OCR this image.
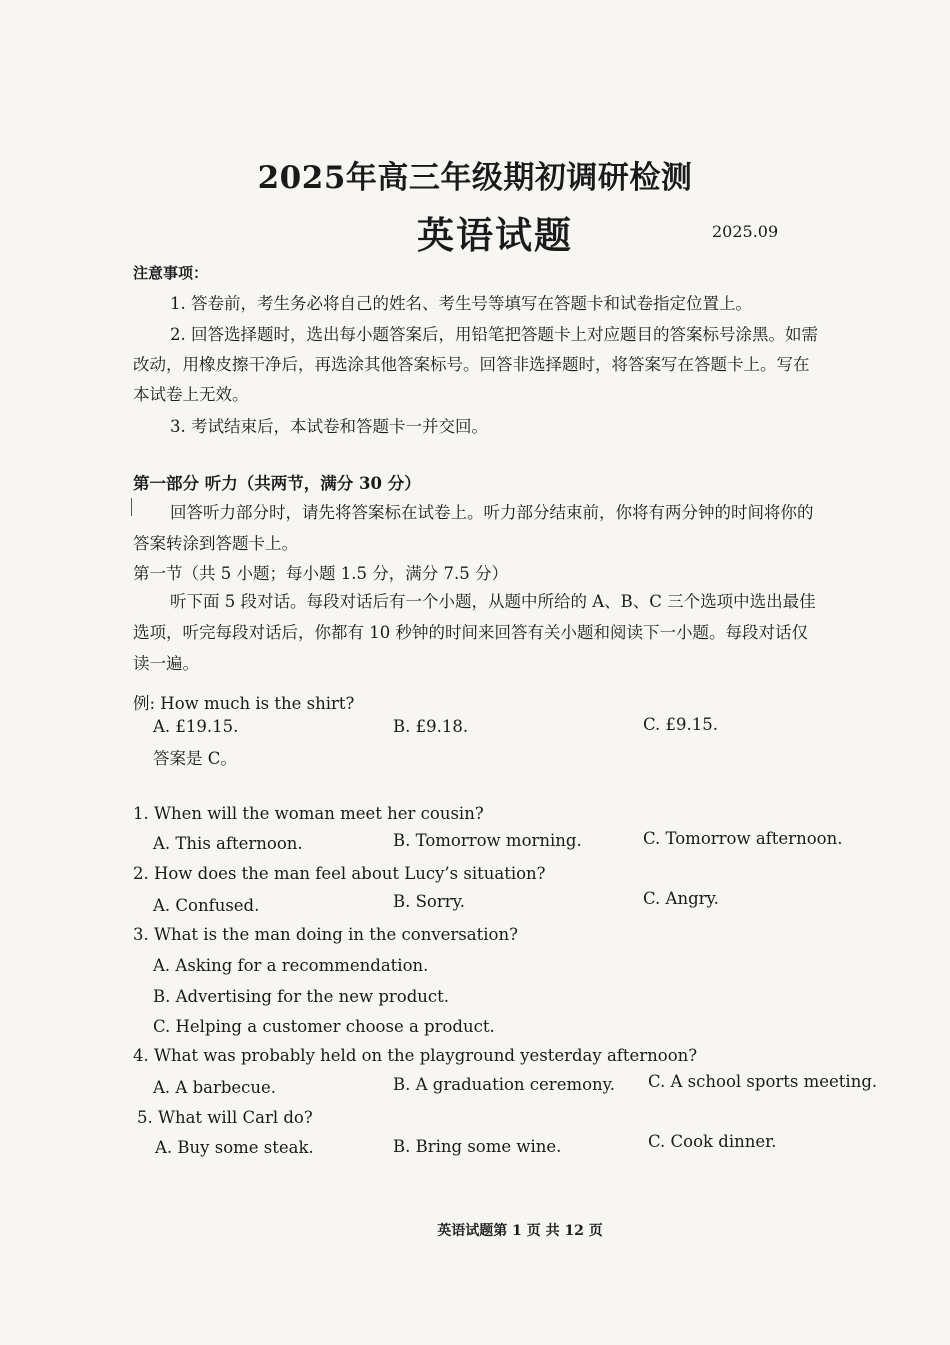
2025年高三年级期初调研检测
英语试题	2025.09
注意事项：
1. 答卷前，考生务必将自己的姓名、考生号等填写在答题卡和试卷指定位置上。
2. 回答选择题时，选出每小题答案后，用铅笔把答题卡上对应题目的答案标号涂黑。如需
改动，用橡皮擦干净后，再选涂其他答案标号。回答非选择题时，将答案写在答题卡上。写在
本试卷上无效。
3. 考试结束后，本试卷和答题卡一并交回。
第一部分 听力（共两节，满分 30 分）
回答听力部分时，请先将答案标在试卷上。听力部分结束前，你将有两分钟的时间将你的
答案转涂到答题卡上。
第一节（共 5 小题；每小题 1.5 分，满分 7.5 分）
听下面 5 段对话。每段对话后有一个小题，从题中所给的 A、B、C 三个选项中选出最佳
选项，听完每段对话后，你都有 10 秒钟的时间来回答有关小题和阅读下一小题。每段对话仅
读一遍。
例: How much is the shirt?
A. £19.15.	B. £9.18.	C. £9.15.
答案是 C。
1. When will the woman meet her cousin?
A. This afternoon.	B. Tomorrow morning.	C. Tomorrow afternoon.
2. How does the man feel about Lucy’s situation?
A. Confused.	B. Sorry.	C. Angry.
3. What is the man doing in the conversation?
A. Asking for a recommendation.
B. Advertising for the new product.
C. Helping a customer choose a product.
4. What was probably held on the playground yesterday afternoon?
A. A barbecue.	B. A graduation ceremony. C. A school sports meeting.
5. What will Carl do?
A. Buy some steak.	B. Bring some wine.	C. Cook dinner.
英语试题第 1 页 共 12 页
